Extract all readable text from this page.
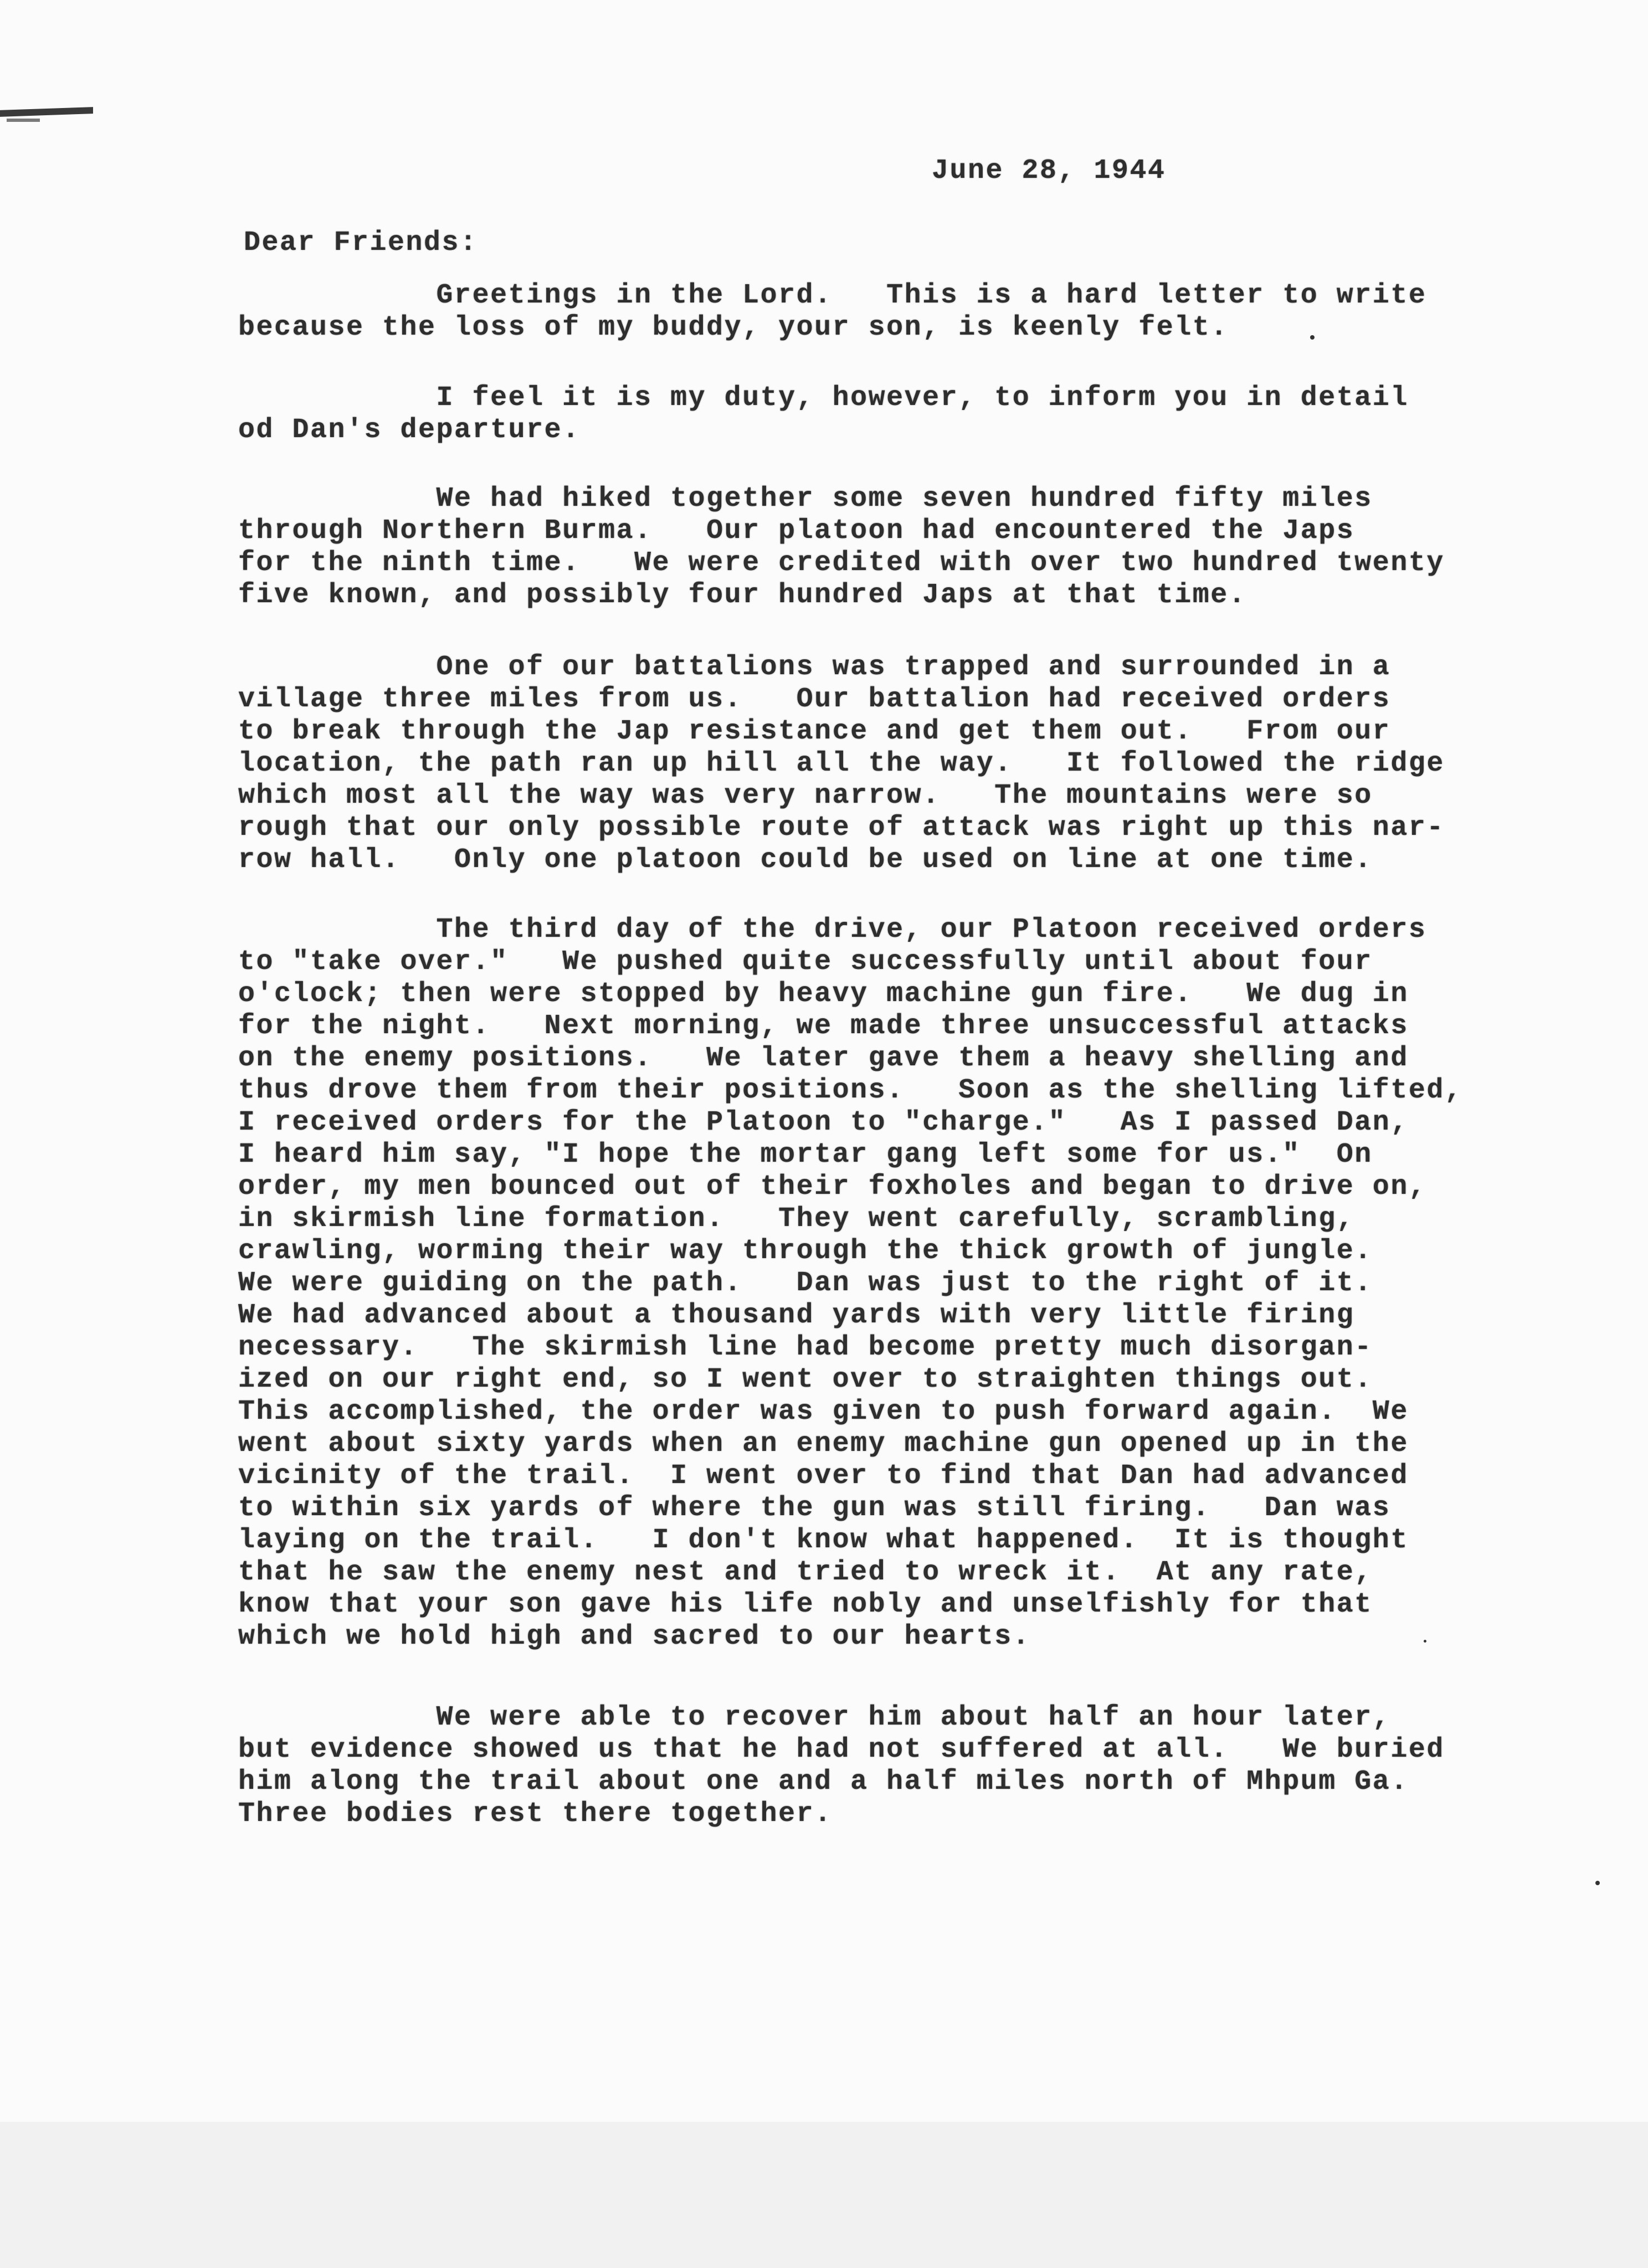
June 28, 1944
Dear Friends:
Greetings in the Lord.   This is a hard letter to write
because the loss of my buddy, your son, is keenly felt.
I feel it is my duty, however, to inform you in detail
od Dan's departure.
We had hiked together some seven hundred fifty miles
through Northern Burma.   Our platoon had encountered the Japs
for the ninth time.   We were credited with over two hundred twenty
five known, and possibly four hundred Japs at that time.
One of our battalions was trapped and surrounded in a
village three miles from us.   Our battalion had received orders
to break through the Jap resistance and get them out.   From our
location, the path ran up hill all the way.   It followed the ridge
which most all the way was very narrow.   The mountains were so
rough that our only possible route of attack was right up this nar-
row hall.   Only one platoon could be used on line at one time.
The third day of the drive, our Platoon received orders
to "take over."   We pushed quite successfully until about four
o'clock; then were stopped by heavy machine gun fire.   We dug in
for the night.   Next morning, we made three unsuccessful attacks
on the enemy positions.   We later gave them a heavy shelling and
thus drove them from their positions.   Soon as the shelling lifted,
I received orders for the Platoon to "charge."   As I passed Dan,
I heard him say, "I hope the mortar gang left some for us."  On
order, my men bounced out of their foxholes and began to drive on,
in skirmish line formation.   They went carefully, scrambling,
crawling, worming their way through the thick growth of jungle.
We were guiding on the path.   Dan was just to the right of it.
We had advanced about a thousand yards with very little firing
necessary.   The skirmish line had become pretty much disorgan-
ized on our right end, so I went over to straighten things out.
This accomplished, the order was given to push forward again.  We
went about sixty yards when an enemy machine gun opened up in the
vicinity of the trail.  I went over to find that Dan had advanced
to within six yards of where the gun was still firing.   Dan was
laying on the trail.   I don't know what happened.  It is thought
that he saw the enemy nest and tried to wreck it.  At any rate,
know that your son gave his life nobly and unselfishly for that
which we hold high and sacred to our hearts.
We were able to recover him about half an hour later,
but evidence showed us that he had not suffered at all.   We buried
him along the trail about one and a half miles north of Mhpum Ga.
Three bodies rest there together.
